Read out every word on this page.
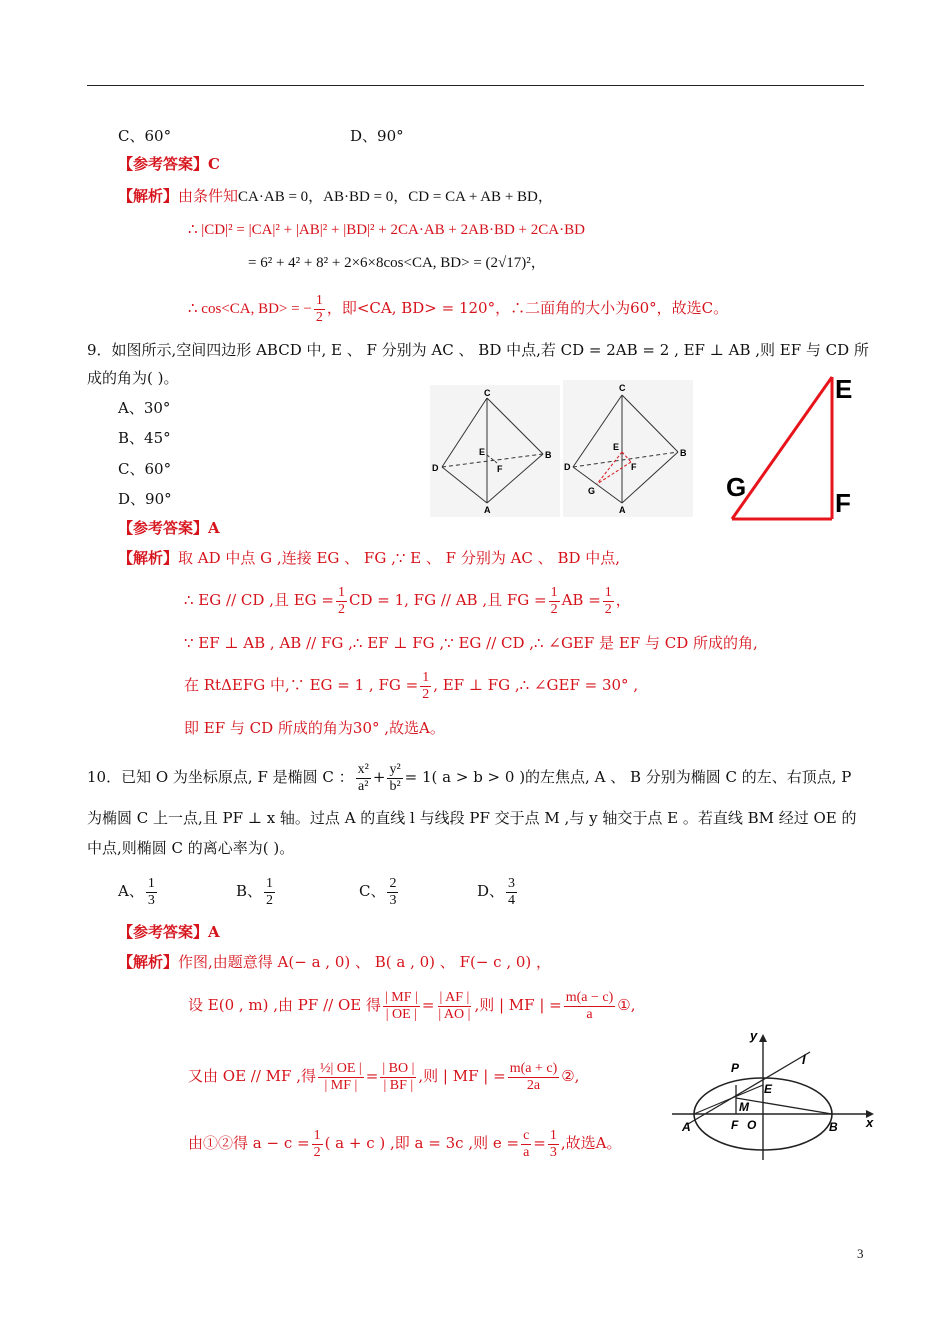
C、60°	D、90°
【参考答案】C
【解析】由条件知CA·AB = 0，AB·BD = 0，CD = CA + AB + BD，
∴ |CD|² = |CA|² + |AB|² + |BD|² + 2CA·AB + 2AB·BD + 2CA·BD
= 6² + 4² + 8² + 2×6×8cos<CA, BD> = (2√17)²，
∴ cos<CA, BD> = − $\frac{1}{2}$ ，即<CA, BD> = 120°，∴二面角的大小为60°，故选C。
9．如图所示,空间四边形 ABCD 中, E 、 F 分别为 AC 、 BD 中点,若 CD = 2AB = 2 , EF ⊥ AB ,则 EF 与 CD 所
成的角为( )。
A、30°
B、45°
C、60°
D、90°
【参考答案】A
【解析】取 AD 中点 G ,连接 EG 、 FG ,∵ E 、 F 分别为 AC 、 BD 中点,
∴ EG // CD ,且 EG = $\frac{1}{2}$ CD = 1, FG // AB ,且 FG = $\frac{1}{2}$ AB = $\frac{1}{2}$ ，
∵ EF ⊥ AB , AB // FG ,∴ EF ⊥ FG ,∵ EG // CD ,∴ ∠GEF 是 EF 与 CD 所成的角,
在 RtΔEFG 中,∵ EG = 1 , FG = $\frac{1}{2}$ , EF ⊥ FG ,∴ ∠GEF = 30° ,
即 EF 与 CD 所成的角为30° ,故选A。
C
D
B
A
E
F
C
D
B
A
E
F
G
E
F
G
10．已知 O 为坐标原点, F 是椭圆 C ： $\frac{\text{x²}}{\text{a²}} + \frac{\text{y²}}{\text{b²}} = 1$( a > b > 0 )的左焦点, A 、 B 分别为椭圆 C 的左、右顶点, P
为椭圆 C 上一点,且 PF ⊥ x 轴。过点 A 的直线 l 与线段 PF 交于点 M ,与 y 轴交于点 E 。若直线 BM 经过 OE 的
中点,则椭圆 C 的离心率为( )。
A、 $\frac{1}{3}$	B、 $\frac{1}{2}$	C、 $\frac{2}{3}$	D、 $\frac{3}{4}$
【参考答案】A
【解析】作图,由题意得 A(− a , 0) 、 B( a , 0) 、 F(− c , 0) ，
设 E(0 , m) ,由 PF // OE 得 $\frac{| MF |}{| OE |} = \frac{| AF |}{| AO |}$ ,则 | MF | = $\frac{m(a - c)}{a}$ ①,
又由 OE // MF ,得 $\frac{\text{½| OE |}}{| MF |} = \frac{| BO |}{| BF |}$ ,则 | MF | = $\frac{m(a + c)}{2a}$ ②,
由①②得 $a - c = \frac{1}{2}$ ( a + c ) ,即 a = 3c ,则 $e = \frac{c}{a} = \frac{1}{3}$ ,故选A。
y
x
l
P
E
M
A	F O	B
3
